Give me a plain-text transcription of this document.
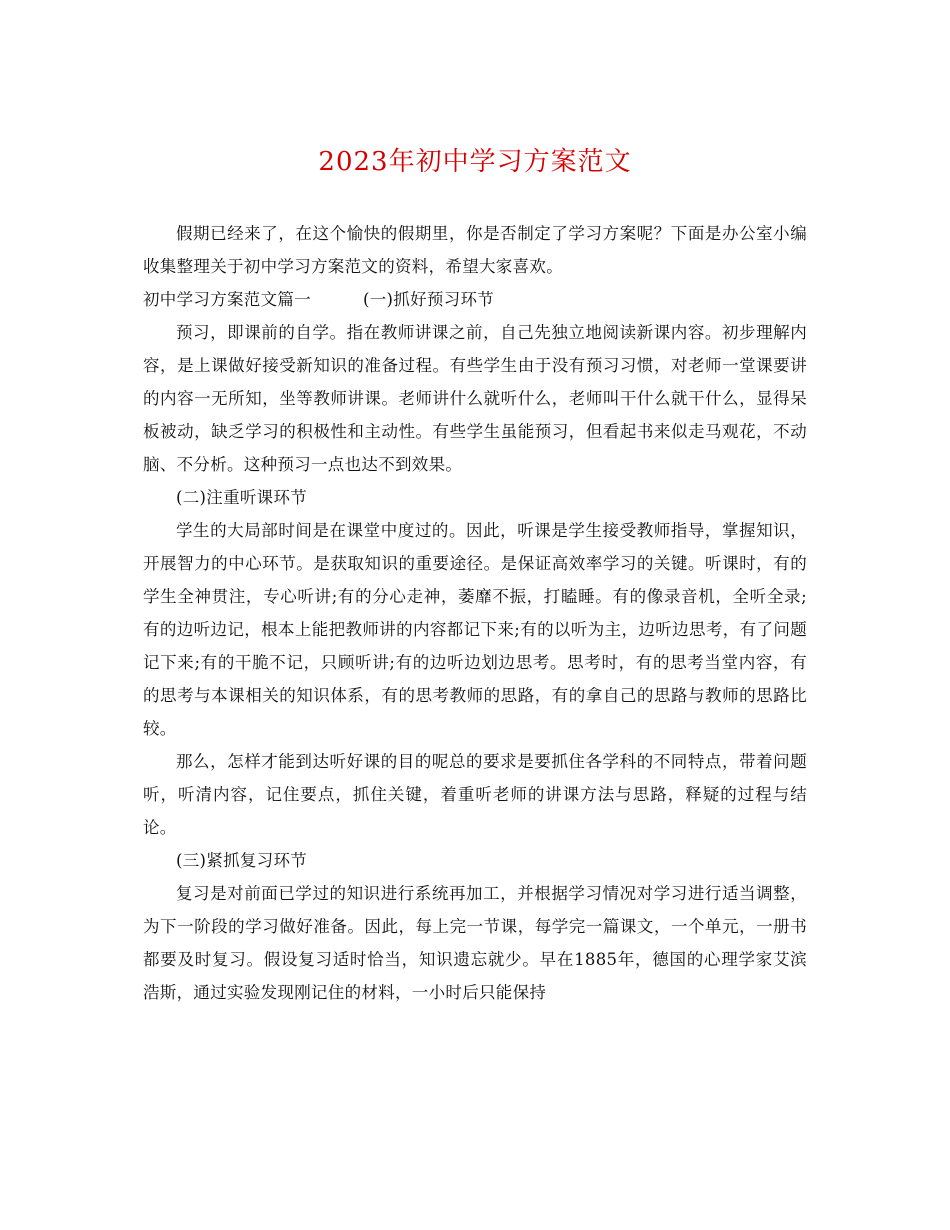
2023年初中学习方案范文

假期已经来了，在这个愉快的假期里，你是否制定了学习方案呢？下面是办公室小编收集整理关于初中学习方案范文的资料，希望大家喜欢。

初中学习方案范文篇一	(一)抓好预习环节

预习，即课前的自学。指在教师讲课之前，自己先独立地阅读新课内容。初步理解内容，是上课做好接受新知识的准备过程。有些学生由于没有预习习惯，对老师一堂课要讲的内容一无所知，坐等教师讲课。老师讲什么就听什么，老师叫干什么就干什么，显得呆板被动，缺乏学习的积极性和主动性。有些学生虽能预习，但看起书来似走马观花，不动脑、不分析。这种预习一点也达不到效果。

(二)注重听课环节

学生的大局部时间是在课堂中度过的。因此，听课是学生接受教师指导，掌握知识，开展智力的中心环节。是获取知识的重要途径。是保证高效率学习的关键。听课时，有的学生全神贯注，专心听讲;有的分心走神，萎靡不振，打瞌睡。有的像录音机，全听全录;有的边听边记，根本上能把教师讲的内容都记下来;有的以听为主，边听边思考，有了问题记下来;有的干脆不记，只顾听讲;有的边听边划边思考。思考时，有的思考当堂内容，有的思考与本课相关的知识体系，有的思考教师的思路，有的拿自己的思路与教师的思路比较。

那么，怎样才能到达听好课的目的呢总的要求是要抓住各学科的不同特点，带着问题听，听清内容，记住要点，抓住关键，着重听老师的讲课方法与思路，释疑的过程与结论。

(三)紧抓复习环节

复习是对前面已学过的知识进行系统再加工，并根据学习情况对学习进行适当调整，为下一阶段的学习做好准备。因此，每上完一节课，每学完一篇课文，一个单元，一册书都要及时复习。假设复习适时恰当，知识遗忘就少。早在1885年，德国的心理学家艾滨浩斯，通过实验发现刚记住的材料，一小时后只能保持
